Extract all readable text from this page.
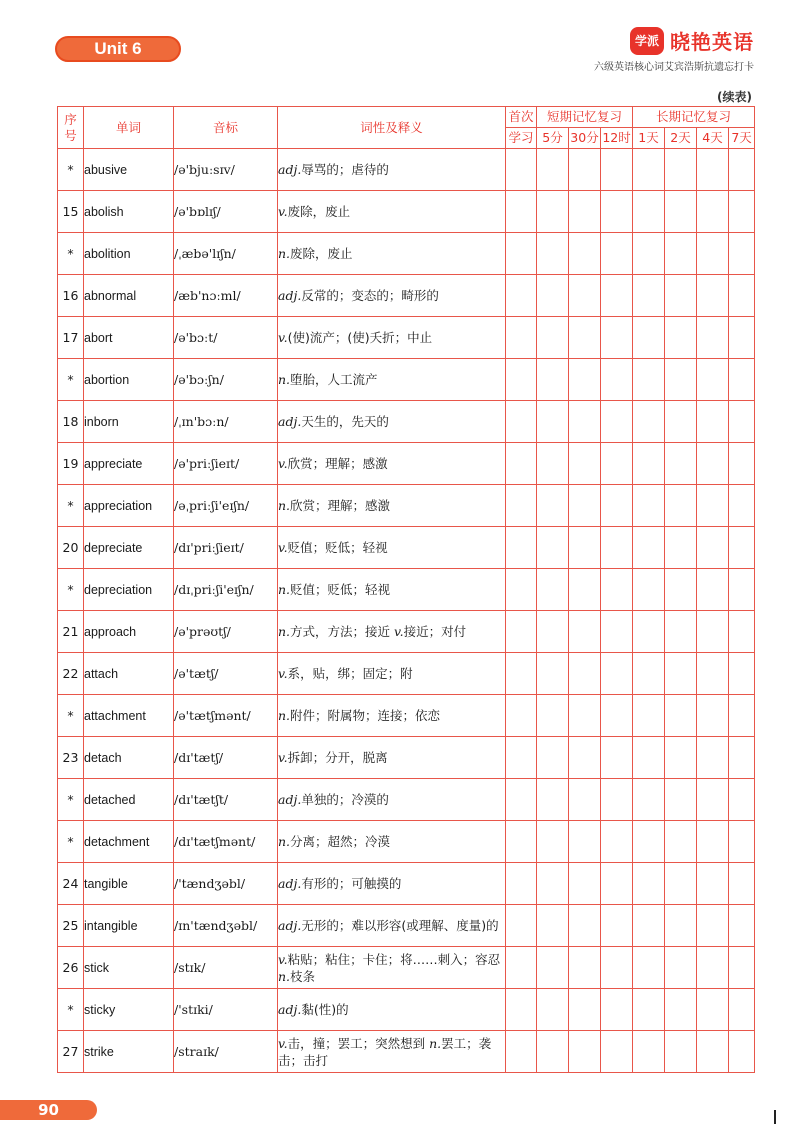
Unit 6	学派 晓艳英语
六级英语核心词艾宾浩斯抗遗忘打卡
(续表)
序号	单词	音标	词性及释义	首次	短期记忆复习			长期记忆复习			
				学习	5分	30分	12时	1天	2天	4天	7天
*	abusive	/ə'bjuːsɪv/	adj.辱骂的；虐待的								
15	abolish	/ə'bɒlɪʃ/	v.废除，废止								
*	abolition	/ˌæbə'lɪʃn/	n.废除，废止								
16	abnormal	/æb'nɔːml/	adj.反常的；变态的；畸形的								
17	abort	/ə'bɔːt/	v.(使)流产；(使)夭折；中止								
*	abortion	/ə'bɔːʃn/	n.堕胎，人工流产								
18	inborn	/ˌɪn'bɔːn/	adj.天生的，先天的								
19	appreciate	/ə'priːʃieɪt/	v.欣赏；理解；感激								
*	appreciation	/əˌpriːʃi'eɪʃn/	n.欣赏；理解；感激								
20	depreciate	/dɪ'priːʃieɪt/	v.贬值；贬低；轻视								
*	depreciation	/dɪˌpriːʃi'eɪʃn/	n.贬值；贬低；轻视								
21	approach	/ə'prəʊtʃ/	n.方式，方法；接近 v.接近；对付								
22	attach	/ə'tætʃ/	v.系，贴，绑；固定；附								
*	attachment	/ə'tætʃmənt/	n.附件；附属物；连接；依恋								
23	detach	/dɪ'tætʃ/	v.拆卸；分开，脱离								
*	detached	/dɪ'tætʃt/	adj.单独的；冷漠的								
*	detachment	/dɪ'tætʃmənt/	n.分离；超然；冷漠								
24	tangible	/'tændʒəbl/	adj.有形的；可触摸的								
25	intangible	/ɪn'tændʒəbl/	adj.无形的；难以形容(或理解、度量)的								
26	stick	/stɪk/	v.粘贴；粘住；卡住；将……刺入；容忍 n.枝条								
*	sticky	/'stɪki/	adj.黏(性)的								
27	strike	/straɪk/	v.击，撞；罢工；突然想到 n.罢工；袭击；击打								
90
